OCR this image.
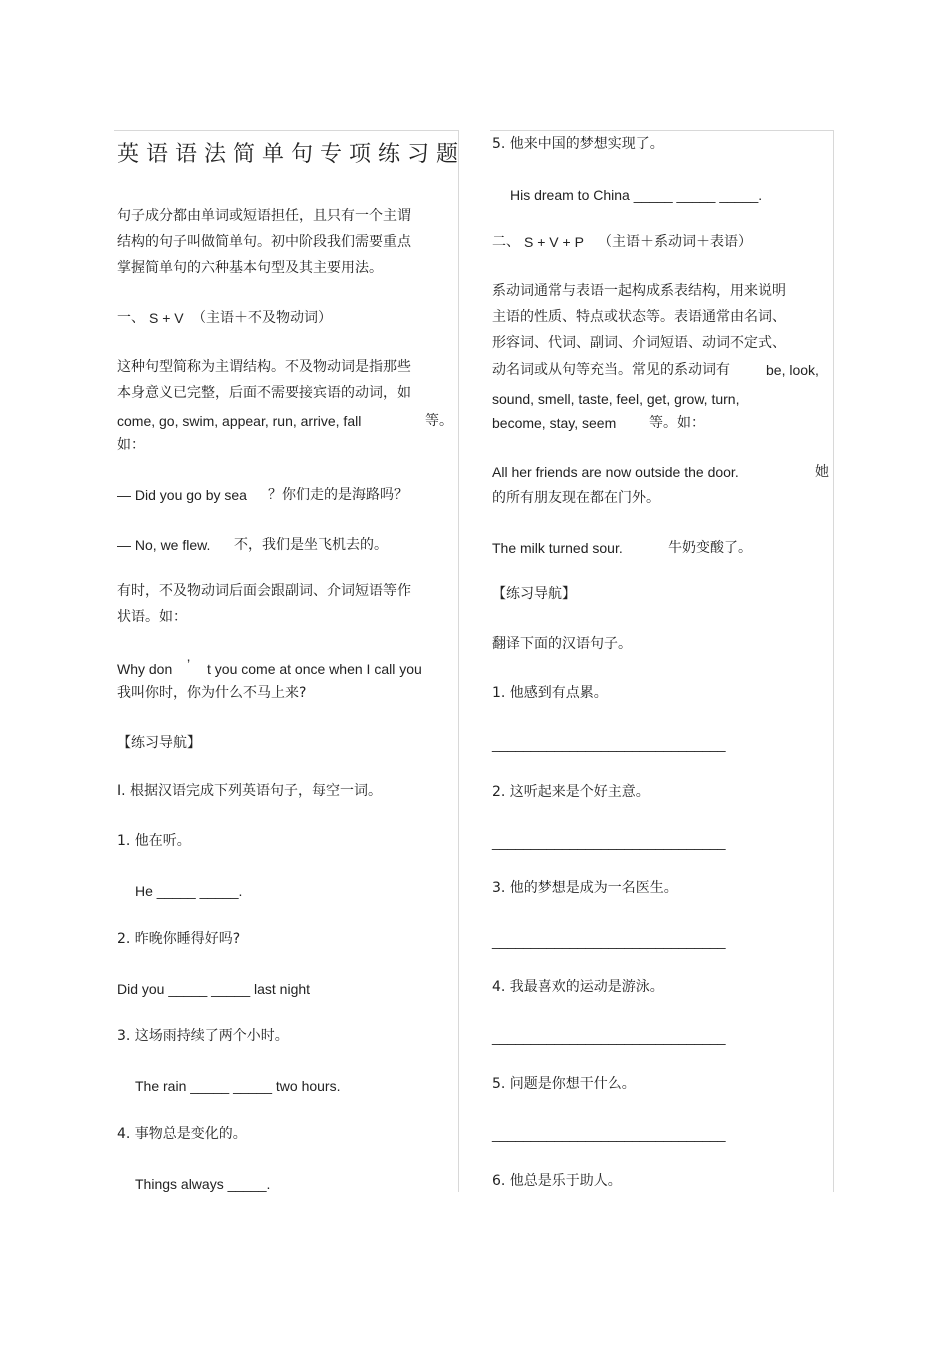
英语语法简单句专项练习题
句子成分都由单词或短语担任，且只有一个主谓
结构的句子叫做简单句。初中阶段我们需要重点
掌握简单句的六种基本句型及其主要用法。
一、 S + V （主语＋不及物动词）
这种句型简称为主谓结构。不及物动词是指那些
本身意义已完整，后面不需要接宾语的动词，如
come, go, swim, appear, run, arrive, fall	等。
如：
— Did you go by sea ？你们走的是海路吗？
— No, we flew. 不，我们是坐飞机去的。
有时，不及物动词后面会跟副词、介词短语等作
状语。如：
Why don ’ t you come at once when I call you
我叫你时，你为什么不马上来?
【练习导航】
Ⅰ. 根据汉语完成下列英语句子，每空一词。
1. 他在听。
He _____ _____.
2. 昨晚你睡得好吗?
Did you _____ _____ last night
3. 这场雨持续了两个小时。
The rain _____ _____ two hours.
4. 事物总是变化的。
Things always _____.
5. 他来中国的梦想实现了。
His dream to China _____ _____ _____.
二、 S + V + P （主语＋系动词＋表语）
系动词通常与表语一起构成系表结构，用来说明
主语的性质、特点或状态等。表语通常由名词、
形容词、代词、副词、介词短语、动词不定式、
动名词或从句等充当。常见的系动词有	be, look,
sound, smell, taste, feel, get, grow, turn,
become, stay, seem 等。如：
All her friends are now outside the door.	她
的所有朋友现在都在门外。
The milk turned sour.	牛奶变酸了。
【练习导航】
翻译下面的汉语句子。
1. 他感到有点累。
______________________________
2. 这听起来是个好主意。
______________________________
3. 他的梦想是成为一名医生。
______________________________
4. 我最喜欢的运动是游泳。
______________________________
5. 问题是你想干什么。
______________________________
6. 他总是乐于助人。
